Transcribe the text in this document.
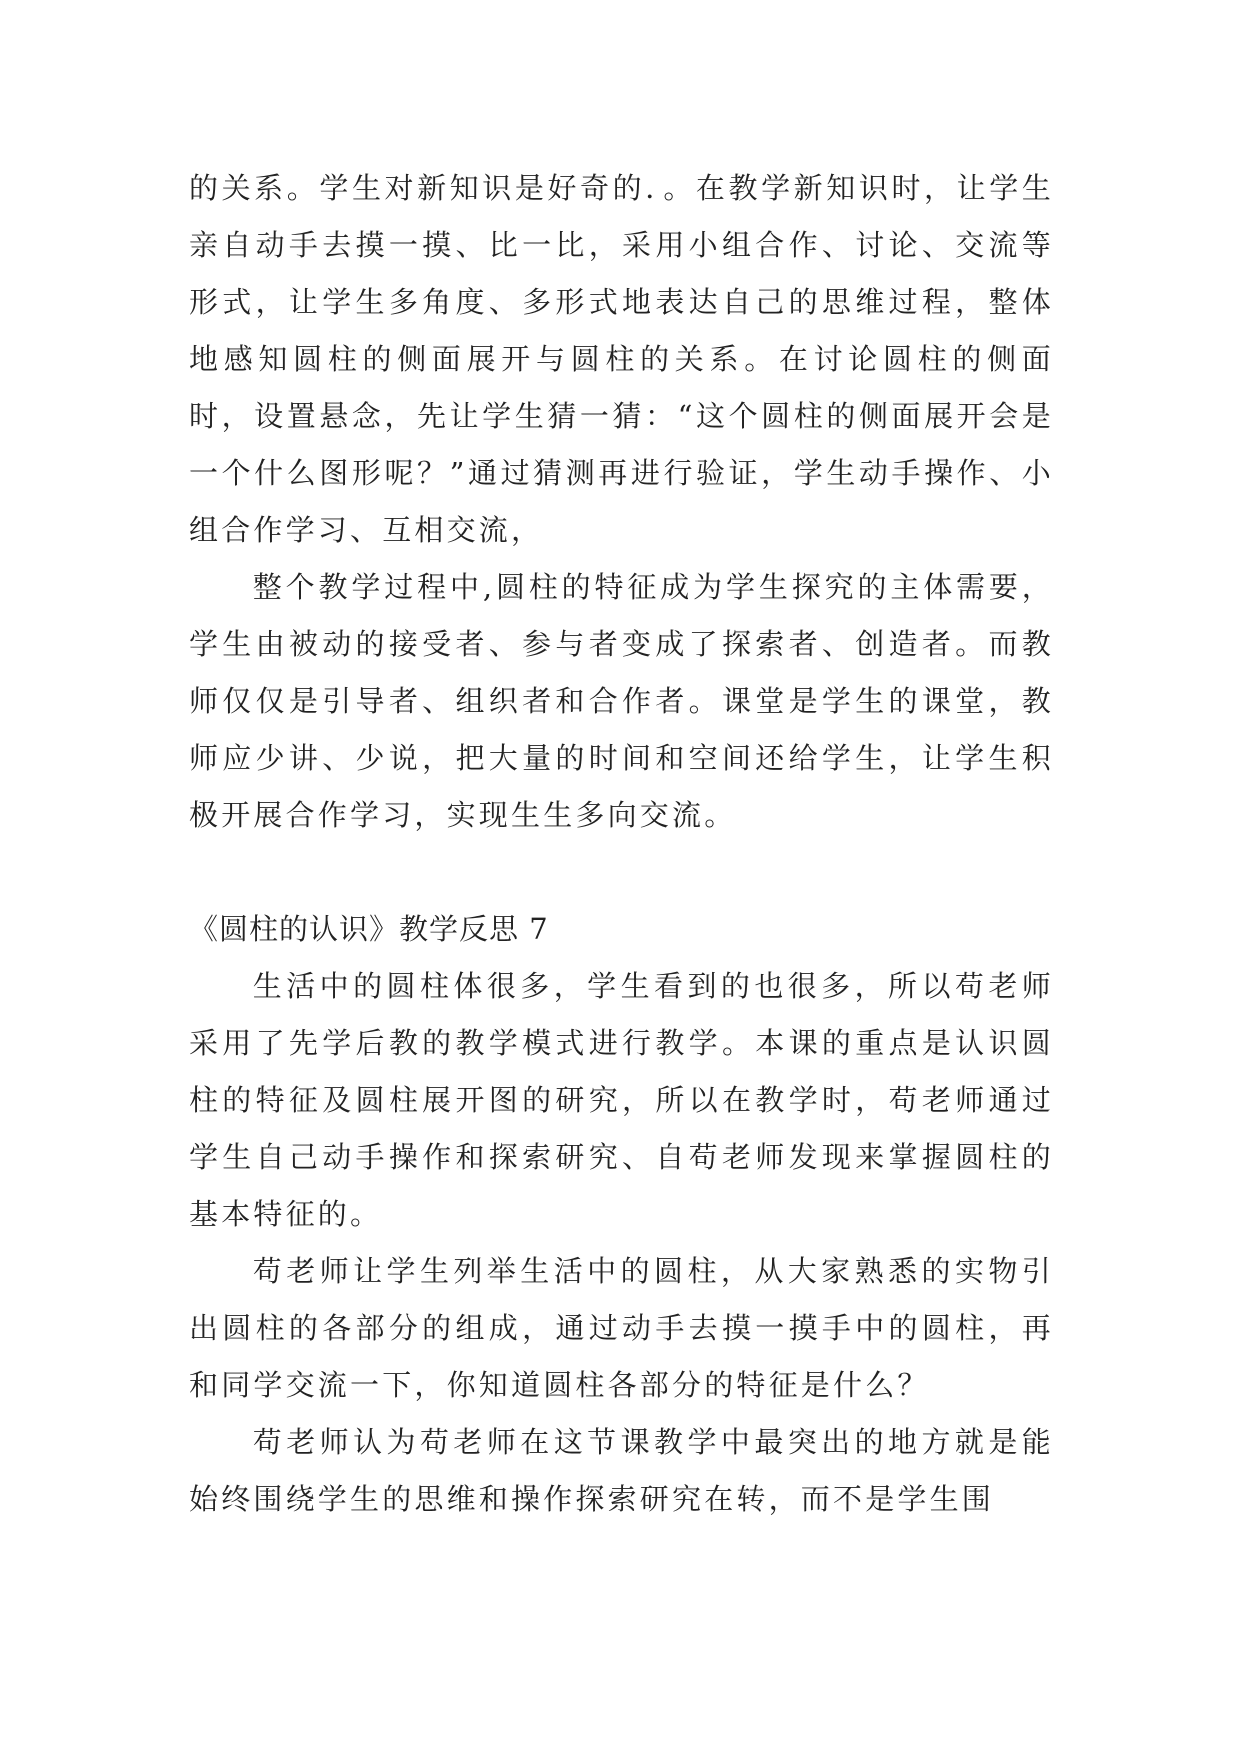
的关系。学生对新知识是好奇的．。在教学新知识时，让学生亲自动手去摸一摸、比一比，采用小组合作、讨论、交流等形式，让学生多角度、多形式地表达自己的思维过程，整体地感知圆柱的侧面展开与圆柱的关系。在讨论圆柱的侧面时，设置悬念，先让学生猜一猜：“这个圆柱的侧面展开会是一个什么图形呢？”通过猜测再进行验证，学生动手操作、小组合作学习、互相交流，

整个教学过程中,圆柱的特征成为学生探究的主体需要，学生由被动的接受者、参与者变成了探索者、创造者。而教师仅仅是引导者、组织者和合作者。课堂是学生的课堂，教师应少讲、少说，把大量的时间和空间还给学生，让学生积极开展合作学习，实现生生多向交流。

《圆柱的认识》教学反思 7

生活中的圆柱体很多，学生看到的也很多，所以苟老师采用了先学后教的教学模式进行教学。本课的重点是认识圆柱的特征及圆柱展开图的研究，所以在教学时，苟老师通过学生自己动手操作和探索研究、自苟老师发现来掌握圆柱的基本特征的。

苟老师让学生列举生活中的圆柱，从大家熟悉的实物引出圆柱的各部分的组成，通过动手去摸一摸手中的圆柱，再和同学交流一下，你知道圆柱各部分的特征是什么？

苟老师认为苟老师在这节课教学中最突出的地方就是能始终围绕学生的思维和操作探索研究在转，而不是学生围
